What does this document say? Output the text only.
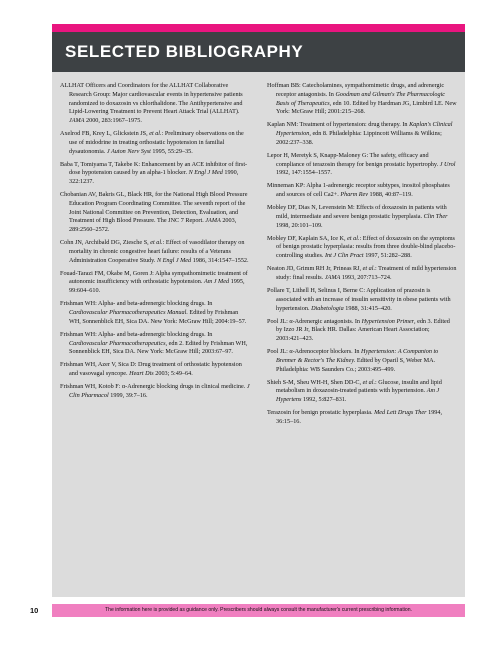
SELECTED BIBLIOGRAPHY

ALLHAT Officers and Coordinators for the ALLHAT Collaborative Research Group: Major cardiovascular events in hypertensive patients randomized to doxazosin vs chlorthalidone. The Antihypertensive and Lipid-Lowering Treatment to Prevent Heart Attack Trial (ALLHAT). JAMA 2000, 283:1967–1975.

Axelrod FB, Krey L, Glickstein JS, et al.: Preliminary observations on the use of midodrine in treating orthostatic hypotension in familial dysautonomia. J Auton Nerv Syst 1995, 55:29–35.

Baba T, Tomiyama T, Takebe K: Enhancement by an ACE inhibitor of first-dose hypotension caused by an alpha-1 blocker. N Engl J Med 1990, 322:1237.

Chobanian AV, Bakris GL, Black HR, for the National High Blood Pressure Education Program Coordinating Committee. The seventh report of the Joint National Committee on Prevention, Detection, Evaluation, and Treatment of High Blood Pressure. The JNC 7 Report. JAMA 2003, 289:2560–2572.

Cohn JN, Archibald DG, Ziesche S, et al.: Effect of vasodilator therapy on mortality in chronic congestive heart failure: results of a Veterans Administration Cooperative Study. N Engl J Med 1986, 314:1547–1552.

Fouad-Tarazi FM, Okabe M, Goren J: Alpha sympathomimetic treatment of autonomic insufficiency with orthostatic hypotension. Am J Med 1995, 99:604–610.

Frishman WH: Alpha- and beta-adrenergic blocking drugs. In Cardiovascular Pharmacotherapeutics Manual. Edited by Frishman WH, Sonnenblick EH, Sica DA. New York: McGraw Hill; 2004:19–57.

Frishman WH: Alpha- and beta-adrenergic blocking drugs. In Cardiovascular Pharmacotherapeutics, edn 2. Edited by Frishman WH, Sonnenblick EH, Sica DA. New York: McGraw Hill; 2003:67–97.

Frishman WH, Azer V, Sica D: Drug treatment of orthostatic hypotension and vasovagal syncope. Heart Dis 2003; 5:49–64.

Frishman WH, Kotob F: α-Adrenergic blocking drugs in clinical medicine. J Clin Pharmacol 1999, 39:7–16.

Hoffman BB: Catecholamines, sympathomimetic drugs, and adrenergic receptor antagonists. In Goodman and Gilman's The Pharmacologic Basis of Therapeutics, edn 10. Edited by Hardman JG, Limbird LE. New York: McGraw Hill; 2001:215–268.

Kaplan NM: Treatment of hypertension: drug therapy. In Kaplan's Clinical Hypertension, edn 8. Philadelphia: Lippincott Williams & Wilkins; 2002:237–338.

Lepor H, Meretyk S, Knapp-Maloney G: The safety, efficacy and compliance of terazosin therapy for benign prostatic hypertrophy. J Urol 1992, 147:1554–1557.

Minneman KP: Alpha 1-adrenergic receptor subtypes, inositol phosphates and sources of cell Ca2+. Pharm Rev 1988, 40:87–119.

Mobley DF, Dias N, Levenstein M: Effects of doxazosin in patients with mild, intermediate and severe benign prostatic hyperplasia. Clin Ther 1998, 20:101–109.

Mobley DF, Kaplain SA, Ice K, et al.: Effect of doxazosin on the symptoms of benign prostatic hyperplasia: results from three double-blind placebo-controlling studies. Int J Clin Pract 1997, 51:282–288.

Neaton JD, Grimm RH Jr, Prineas RJ, et al.: Treatment of mild hypertension study: final results. JAMA 1993, 207:713–724.

Pollare T, Lithell H, Selinus I, Berne C: Application of prazosin is associated with an increase of insulin sensitivity in obese patients with hypertension. Diabetologia 1988, 31:415–420.

Pool JL: α-Adrenergic antagonists. In Hypertension Primer, edn 3. Edited by Izzo JR Jr, Black HR. Dallas: American Heart Association; 2003:421–423.

Pool JL: α-Adrenoceptor blockers. In Hypertension: A Companion to Brenner & Rector's The Kidney. Edited by Oparil S, Weber MA. Philadelphia: WB Saunders Co.; 2003:495–499.

Shieh S-M, Sheu WH-H, Shen DD-C, et al.: Glucose, insulin and lipid metabolism in doxazosin-treated patients with hypertension. Am J Hypertens 1992, 5:827–831.

Terazosin for benign prostatic hyperplasia. Med Lett Drugs Ther 1994, 36:15–16.

10	The information here is provided as guidance only. Prescribers should always consult the manufacturer's current prescribing information.
